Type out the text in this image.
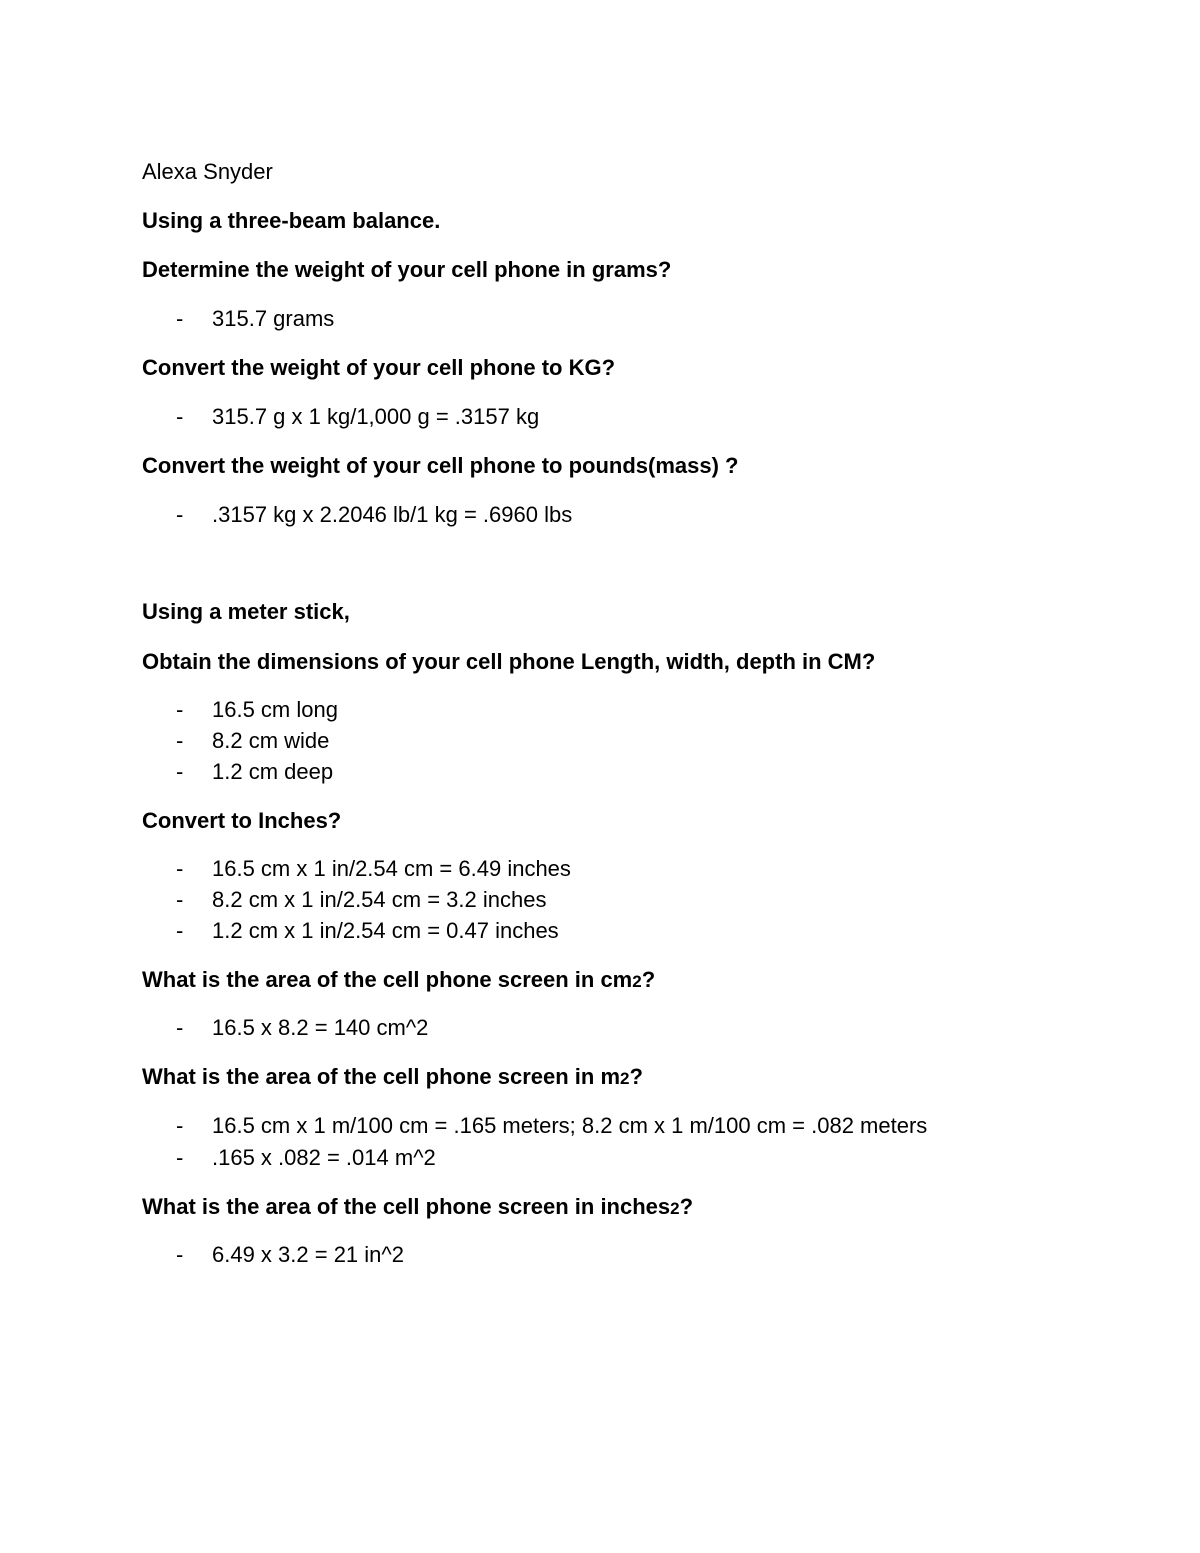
Alexa Snyder
Using a three-beam balance.
Determine the weight of your cell phone in grams?
-	315.7 grams
Convert the weight of your cell phone to KG?
-	315.7 g x 1 kg/1,000 g = .3157 kg
Convert the weight of your cell phone to pounds(mass) ?
-	.3157 kg x 2.2046 lb/1 kg = .6960 lbs
Using a meter stick,
Obtain the dimensions of your cell phone Length, width, depth in CM?
-	16.5 cm long
-	8.2 cm wide
-	1.2 cm deep
Convert to Inches?
-	16.5 cm x 1 in/2.54 cm = 6.49 inches
-	8.2 cm x 1 in/2.54 cm = 3.2 inches
-	1.2 cm x 1 in/2.54 cm = 0.47 inches
What is the area of the cell phone screen in cm2?
-	16.5 x 8.2 = 140 cm^2
What is the area of the cell phone screen in m2?
-	16.5 cm x 1 m/100 cm = .165 meters; 8.2 cm x 1 m/100 cm = .082 meters
-	.165 x .082 = .014 m^2
What is the area of the cell phone screen in inches2?
-	6.49 x 3.2 = 21 in^2
